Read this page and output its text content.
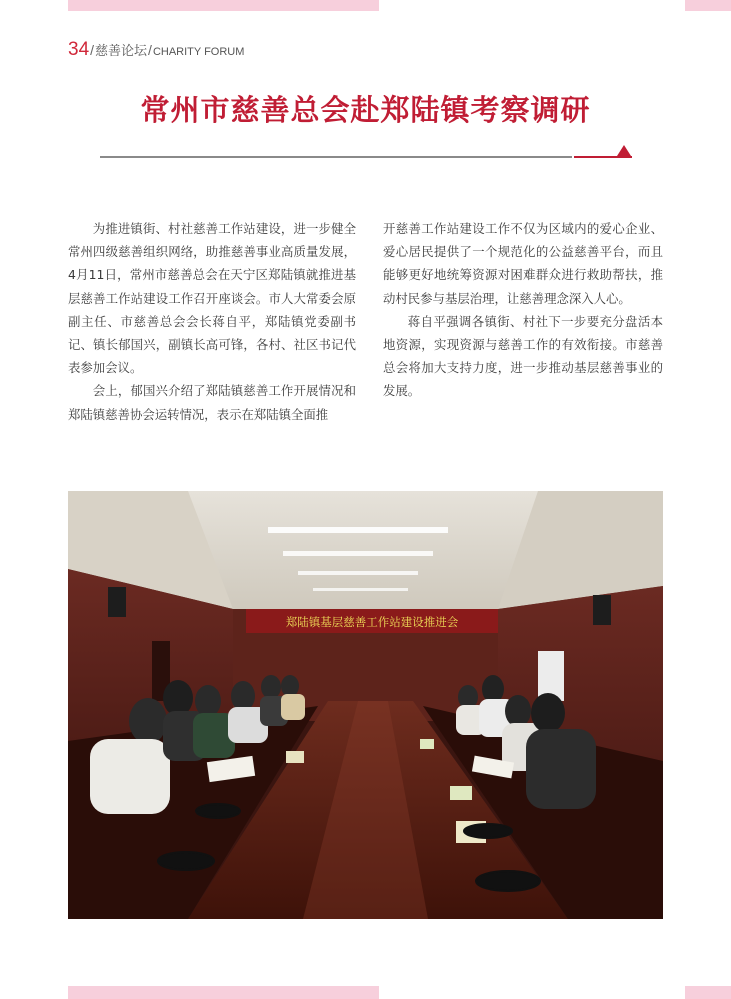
34/慈善论坛/CHARITY FORUM
常州市慈善总会赴郑陆镇考察调研

为推进镇街、村社慈善工作站建设，进一步健全常州四级慈善组织网络，助推慈善事业高质量发展，4月11日，常州市慈善总会在天宁区郑陆镇就推进基层慈善工作站建设工作召开座谈会。市人大常委会原副主任、市慈善总会会长蒋自平，郑陆镇党委副书记、镇长郁国兴，副镇长高可锋，各村、社区书记代表参加会议。

会上，郁国兴介绍了郑陆镇慈善工作开展情况和郑陆镇慈善协会运转情况，表示在郑陆镇全面推

开慈善工作站建设工作不仅为区域内的爱心企业、爱心居民提供了一个规范化的公益慈善平台，而且能够更好地统筹资源对困难群众进行救助帮扶，推动村民参与基层治理，让慈善理念深入人心。

蒋自平强调各镇街、村社下一步要充分盘活本地资源，实现资源与慈善工作的有效衔接。市慈善总会将加大支持力度，进一步推动基层慈善事业的发展。

郑陆镇基层慈善工作站建设推进会
